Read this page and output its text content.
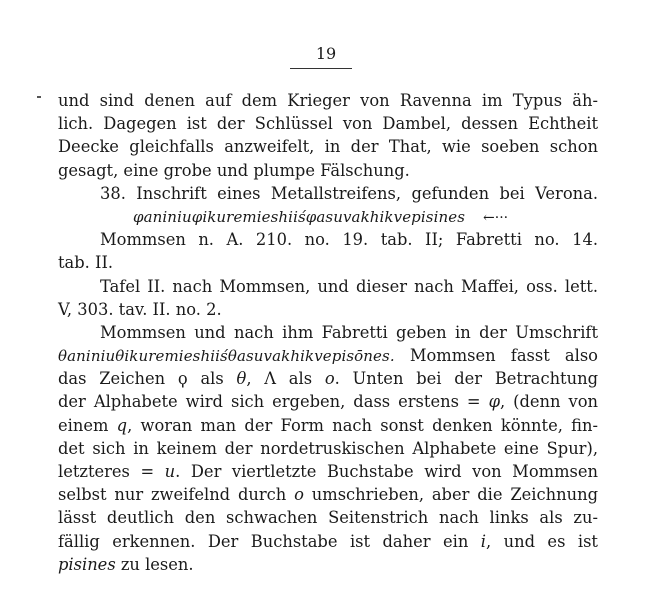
19
und sind denen auf dem Krieger von Ravenna im Typus äh-
lich. Dagegen ist der Schlüssel von Dambel, dessen Echtheit
Deecke gleichfalls anzweifelt, in der That, wie soeben schon
gesagt, eine grobe und plumpe Fälschung.
38. Inschrift eines Metallstreifens, gefunden bei Verona.
φaniniuφikuremieshiiśφasuvakhikvepisines ←···
Mommsen n. A. 210. no. 19. tab. II; Fabretti no. 14.
tab. II.
Tafel II. nach Mommsen, und dieser nach Maffei, oss. lett.
V, 303. tav. II. no. 2.
Mommsen und nach ihm Fabretti geben in der Umschrift
θaniniuθikuremieshiiśθasuvakhikvepisōnes. Mommsen fasst also
das Zeichen ϙ als θ, Λ als o. Unten bei der Betrachtung
der Alphabete wird sich ergeben, dass erstens = φ, (denn von
einem q, woran man der Form nach sonst denken könnte, fin-
det sich in keinem der nordetruskischen Alphabete eine Spur),
letzteres = u. Der viertletzte Buchstabe wird von Mommsen
selbst nur zweifelnd durch o umschrieben, aber die Zeichnung
lässt deutlich den schwachen Seitenstrich nach links als zu-
fällig erkennen. Der Buchstabe ist daher ein i, und es ist
pisines zu lesen.
